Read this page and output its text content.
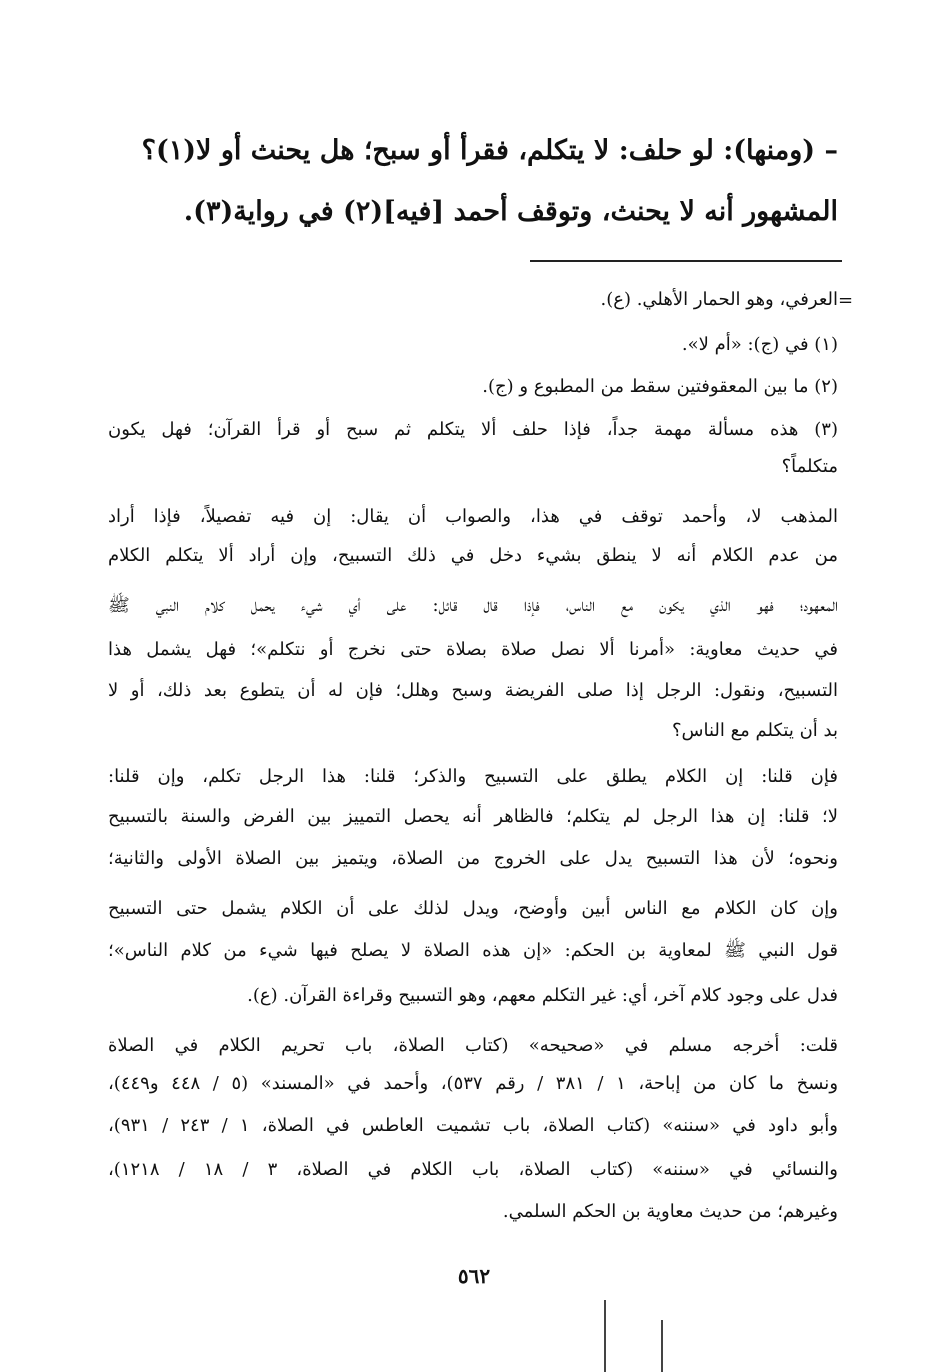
– (ومنها): لو حلف: لا يتكلم، فقرأ أو سبح؛ هل يحنث أو لا(١)؟
المشهور أنه لا يحنث، وتوقف أحمد [فيه](٢) في رواية(٣).
=
العرفي، وهو الحمار الأهلي. (ع).
(١) في (ج): «أم لا».
(٢) ما بين المعقوفتين سقط من المطبوع و (ج).
(٣) هذه مسألة مهمة جداً، فإذا حلف ألا يتكلم ثم سبح أو قرأ القرآن؛ فهل يكون
متكلماً؟
المذهب لا، وأحمد توقف في هذا، والصواب أن يقال: إن فيه تفصيلاً، فإذا أراد
من عدم الكلام أنه لا ينطق بشيء دخل في ذلك التسبيح، وإن أراد ألا يتكلم الكلام
المعهود؛ فهو الذي يكون مع الناس، فإذا قال قائل: على أي شيء يحمل كلام النبي ﷺ
في حديث معاوية: «أمرنا ألا نصل صلاة بصلاة حتى نخرج أو نتكلم»؛ فهل يشمل هذا
التسبيح، ونقول: الرجل إذا صلى الفريضة وسبح وهلل؛ فإن له أن يتطوع بعد ذلك، أو لا
بد أن يتكلم مع الناس؟
فإن قلنا: إن الكلام يطلق على التسبيح والذكر؛ قلنا: هذا الرجل تكلم، وإن قلنا:
لا؛ قلنا: إن هذا الرجل لم يتكلم؛ فالظاهر أنه يحصل التمييز بين الفرض والسنة بالتسبيح
ونحوه؛ لأن هذا التسبيح يدل على الخروج من الصلاة، ويتميز بين الصلاة الأولى والثانية؛
وإن كان الكلام مع الناس أبين وأوضح، ويدل لذلك على أن الكلام يشمل حتى التسبيح
قول النبي ﷺ لمعاوية بن الحكم: «إن هذه الصلاة لا يصلح فيها شيء من كلام الناس»؛
فدل على وجود كلام آخر، أي: غير التكلم معهم، وهو التسبيح وقراءة القرآن. (ع).
قلت: أخرجه مسلم في «صحيحه» (كتاب الصلاة، باب تحريم الكلام في الصلاة
ونسخ ما كان من إباحة، ١ / ٣٨١ / رقم ٥٣٧)، وأحمد في «المسند» (٥ / ٤٤٨ و٤٤٩)،
وأبو داود في «سننه» (كتاب الصلاة، باب تشميت العاطس في الصلاة، ١ / ٢٤٣ / ٩٣١)،
والنسائي في «سننه» (كتاب الصلاة، باب الكلام في الصلاة، ٣ / ١٨ / ١٢١٨)،
وغيرهم؛ من حديث معاوية بن الحكم السلمي.
٥٦٢
